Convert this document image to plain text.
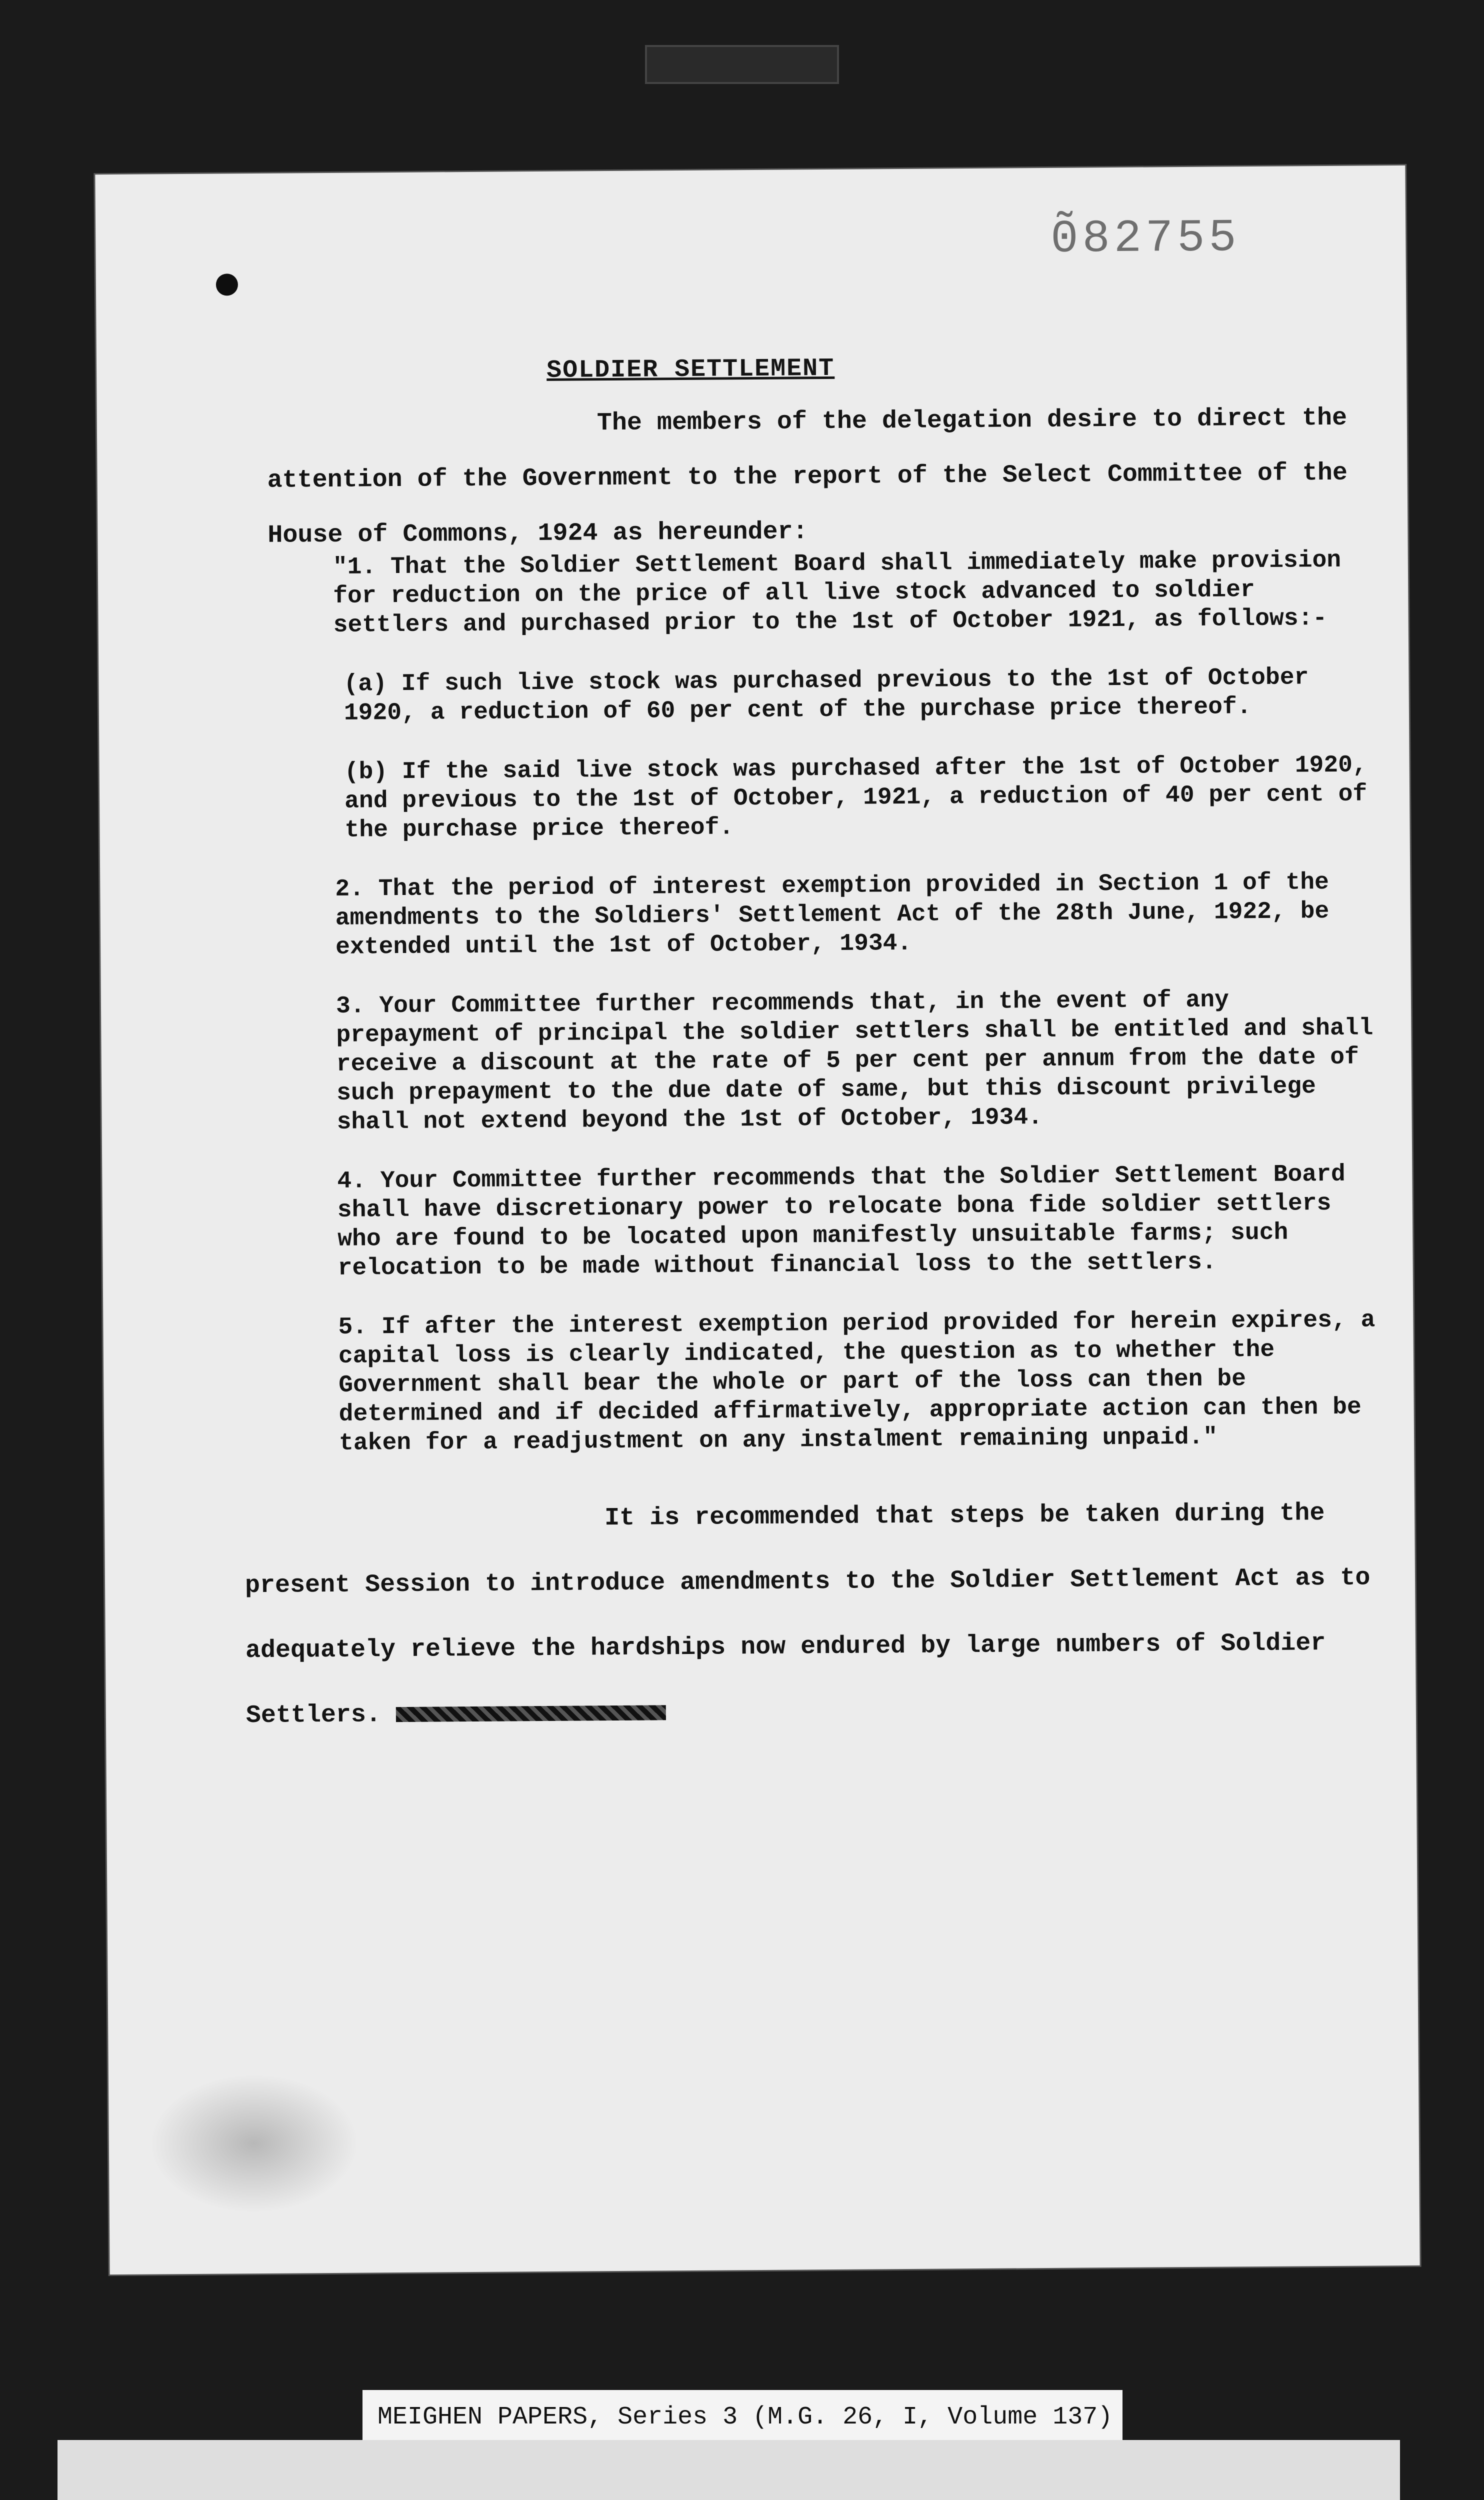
0̃82755
SOLDIER SETTLEMENT
The members of the delegation desire to direct the attention of the Government to the report of the Select Committee of the House of Commons, 1924 as hereunder:

"1. That the Soldier Settlement Board shall immediately make provision for reduction on the price of all live stock advanced to soldier settlers and purchased prior to the 1st of October 1921, as follows:-

(a) If such live stock was purchased previous to the 1st of October 1920, a reduction of 60 per cent of the purchase price thereof.

(b) If the said live stock was purchased after the 1st of October 1920, and previous to the 1st of October, 1921, a reduction of 40 per cent of the purchase price thereof.

2. That the period of interest exemption provided in Section 1 of the amendments to the Soldiers' Settlement Act of the 28th June, 1922, be extended until the 1st of October, 1934.

3. Your Committee further recommends that, in the event of any prepayment of principal the soldier settlers shall be entitled and shall receive a discount at the rate of 5 per cent per annum from the date of such prepayment to the due date of same, but this discount privilege shall not extend beyond the 1st of October, 1934.

4. Your Committee further recommends that the Soldier Settlement Board shall have discretionary power to relocate bona fide soldier settlers who are found to be located upon manifestly unsuitable farms; such relocation to be made without financial loss to the settlers.

5. If after the interest exemption period provided for herein expires, a capital loss is clearly indicated, the question as to whether the Government shall bear the whole or part of the loss can then be determined and if decided affirmatively, appropriate action can then be taken for a readjustment on any instalment remaining unpaid."

It is recommended that steps be taken during the present Session to introduce amendments to the Soldier Settlement Act as to adequately relieve the hardships now endured by large numbers of Soldier Settlers.
MEIGHEN PAPERS, Series 3 (M.G. 26, I, Volume 137)
